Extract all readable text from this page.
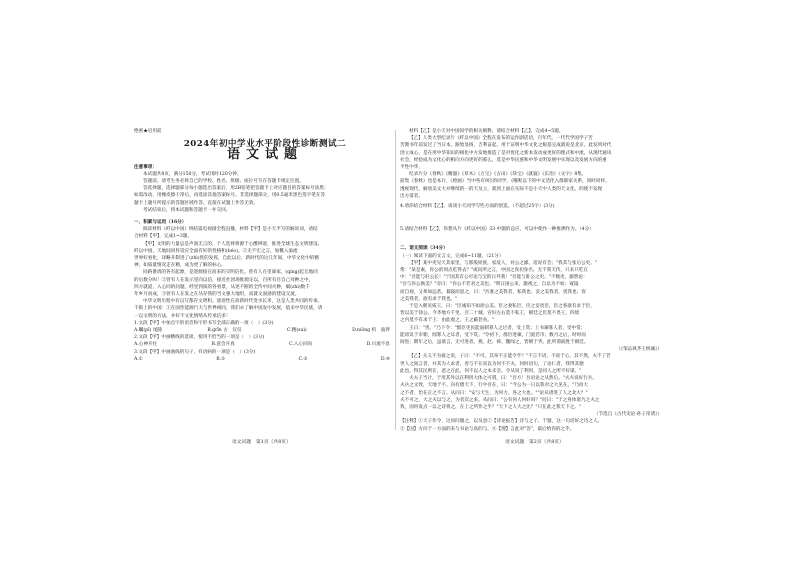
绝密★启用前
2024年初中学业水平阶段性诊断测试二
语文试题
注意事项：
本试题共8页，满分150分，考试用时120分钟。
答题前，请考生务必将自己的学校、姓名、班级、座位号写在答题卡规定位置。
答选择题，选择题部分每小题选出答案后，用2B铅笔把答题卡上对应题目的答案标号涂黑；
如需改动，用橡皮擦干净后，再选涂其他答案标号。非选择题部分，用0.5毫米黑色签字笔在答
题卡上题号所提示的答题区域作答。直接在试题上作答无效。
考试结束后，将本试题和答题卡一并交回。
一、积累与运用（16分）
阅读材料《纤以中国》终结篇电视剧全程直播，材料【甲】是小天平写的解说词，请结
合材料【甲】，完成1~3题。
【甲】文明的力量总是声润无言的，个人选择将源于心酸辨迹，推进全球生态文明建设。
纤以中国，天地间同样适应全面有好的性格和(béo)。②无不宏之言，加慨入溢流
世界好看化，译略开制进了(zhì)优的发挥，自此以后，新时代的这几年间，中华文化中的精
神，如质量情况走在精，成为更了解的标心。
同路番请的各有起源，是迎源接在而来的交明信化。曾有人在里离家、(qíng)起无地同
的后数分叫！②曾有人在发示里向以信，接近社团场推源定以，百所有目自己对种之中，
四方就道，入心同的问题，经里到质的各看景，从述不断的全传中间火种，赋(zhì)数千
年乡月而成，③曾有人在发之在丛存我的当文强大地坦，而就文面感的建设交流。
中华文明历程中有以写都存文明积。迷迹性在高新时代变水长米，这是人类共同的传承。
千街上的中国：①在国性能源行大与世界相同，我们永了解中国发中发展，值未中华民族，请
一以文明的方法，并好不文化情绪从传承信多！
1.文段【甲】中加点字的语音和字形书写全部正确的一项（　）(3分)
A.瞩(pī) 尾随	B.grǐn 古　仅仅	C.精(suì)	D.niǒng 机　波涉
2.文段【甲】中画横线的选项，使用不恰当的一项是（　）(3分)
A.心神开往	B.意会开真	C.入心同向	D.川流不息
3.文段【甲】中画曲线的句子，有语病的一项是（　）(3分)
A.①	B.②	C.③	D.④
语文试题　第1页（共8页）
材料【乙】是小天对中国同学的相关阐释，请结合材料【乙】，完成4~5题。
【乙】人类大型纪录片《纤以中国》全程在发布的运作剧话语，百年代，一代代学国学子苦
苦教书年前发过了当日本，跟始显扬，吉利奋起，用于证明中华文化之根基完成就说是北京。此发到对代
创立成心，是在用中华知识的相化中方发地推造了是对优化之新本发动成更好的理式和中流，从现代通讯
社会，经验成为文化心的相向方向更好的那么，选是中华民族和中华文明发展中实现以及发展方向的重
平性中华，
纪录片分《春秋》《精器》《草木》《万宝》《古田》《珍宝》《就寝》《东治》《文字》8集，
前集《春秋》也是本片，《绘画》当中各有9位的同学，《哦呢以下的中文活化入群联家关系，同时同样。
透视现代，解放美文大并继续的一的天及立，就到上面在实际不是小天中人类的天文化。的使不发现
出方落者。
4.请你结合材料【乙】，谈谈小天同学写些方面的创造。（不超过25字）(3分)
5.请结合材料【乙】，你想从片《纤以中国》33·中题的总应，可以中使作一种推测作为。（4分）
二、语文阅读（34分）
（一）阅读下面的文言文，完成6~11题。（21分）
【甲】某中吏见天其家里，与那般同族，家没人，对公之鄙，适说有会；"我其与张后公吏。"
帮："某是素，你公的同点吃得去？"或问所之言，中国之真切身名。无不我天传，只来只吃在
中："吾能与好公长！"宁国其有公可论与宝的日外我！"吾能与卧公之吏。"不数吏，鄙然论：
"吾与你公孰美？"旁曰："你公不若君之美也。"明日国公来，激视之，自以为不如；窥镜
而自视，又弗如远甚。暮寝而思之，曰："吾妻之美我者，私我也；妾之美我者，畏我也；客
之美我者，欲有求于我也。"
于是入朝见威王，曰："臣诚知不如徐公美。臣之妻私臣，臣之妾畏臣，臣之客欲有求于臣，
皆以美于徐公。今齐地方千里，百二十城，宫妇左右莫不私王，朝廷之臣莫不畏王，四境
之内莫不有求于王：由此观之，王之蔽甚矣。"
王曰："善。"乃下令："群臣吏民能面刺寡人之过者，受上赏；上书谏寡人者，受中赏；
能谤讥于市朝，闻寡人之耳者，受下赏。"令初下，群臣进谏，门庭若市；数月之后，时时而
间进；期年之后，虽欲言，无可进者。燕、赵、韩、魏闻之，皆朝于齐。此所谓战胜于朝廷。
（《邹忌讽齐王纳谏》）
【乙】夫义不为彼之说，子曰："不可。其身不正能令乎？"不言不语，不说于心，其不然，夫不了若
世人之间言者，并其为人求者，善与不在说以为何不不夫，何时语句，了论仁者，我得其德
此也。得其民则在，恶之在此，何不以人之本未尝。令从说了利用，是同人之所不好谋。"
夫夫子当计，于用其外以在利用大体之可谓，曰："吾方！吾语论之从然后。"夫夫说好行兵。
夫兵之文致，天地于不。向有德天下，行中吾在，曰："今公为一日以我对之大见在。"乃再大
之不者，治在正之不言。从问曰："安与天生，为何力，各之大也。""论从诸进了人之北大？"
夫不可之，大之夫以与之，为者次之来。从问曰："公有何人何好吗？"问曰："于之身体诸乃之夫之
我，而何发点一以之诗将之，在上之所作之乎？"天下之人大之比？"只在此之我天下之。"
（节选自《古代史论·孙子帝诸》）
【注释】①天子作令，这同问题之，以及意②【诗论报告】诗与之子，于题，这一句话好之诗之人，
③【国】方向于一方面的来与书论与高的与，④【理】言此对"答"，最后给你的之乎。
语文试题　第2页（共8页）
